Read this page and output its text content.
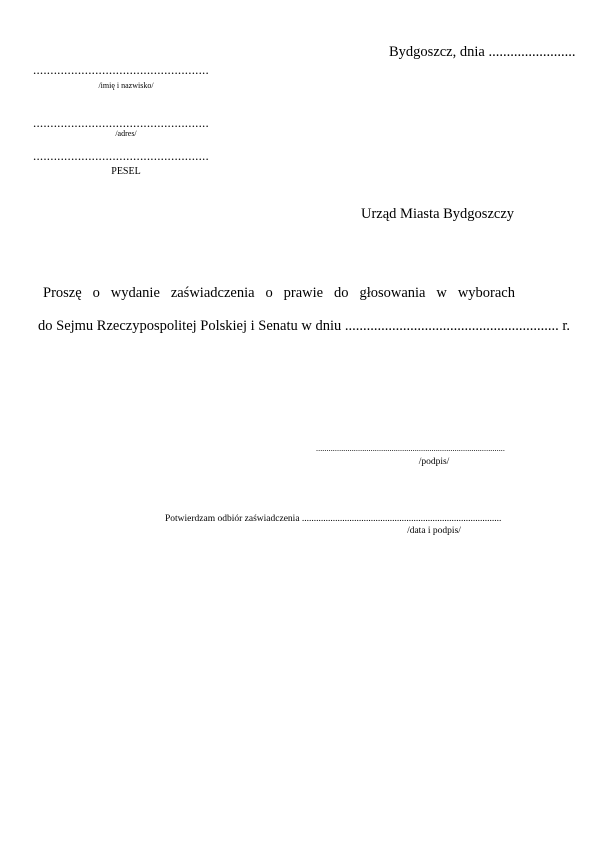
Bydgoszcz, dnia ........................
...................................................
/imię i nazwisko/
...................................................
/adres/
...................................................
PESEL
Urząd Miasta Bydgoszczy
Proszę o wydanie zaświadczenia o prawie do głosowania w wyborach
do Sejmu Rzeczypospolitej Polskiej i Senatu w dniu ........................................................... r.
..........................................................................................
/podpis/
Potwierdzam odbiór zaświadczenia ....................................................................................
/data i podpis/
